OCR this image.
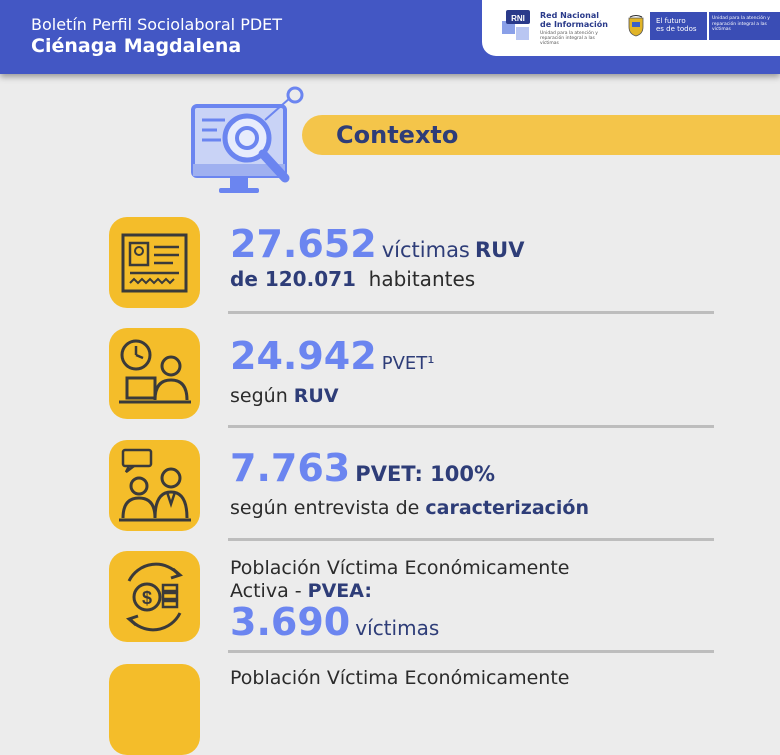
Boletín Perfil Sociolaboral PDET
Ciénaga Magdalena
RNI Red Nacional
de Información
Unidad para la atención y reparación integral a las víctimas
El futuro
es de todos
Unidad para la atención y reparación integral a las víctimas
Contexto
27.652 víctimas RUV
de 120.071 habitantes
24.942 PVET¹
según RUV
7.763 PVET: 100%
según entrevista de caracterización
$
Población Víctima Económicamente
Activa - PVEA:
3.690 víctimas
Población Víctima Económicamente
